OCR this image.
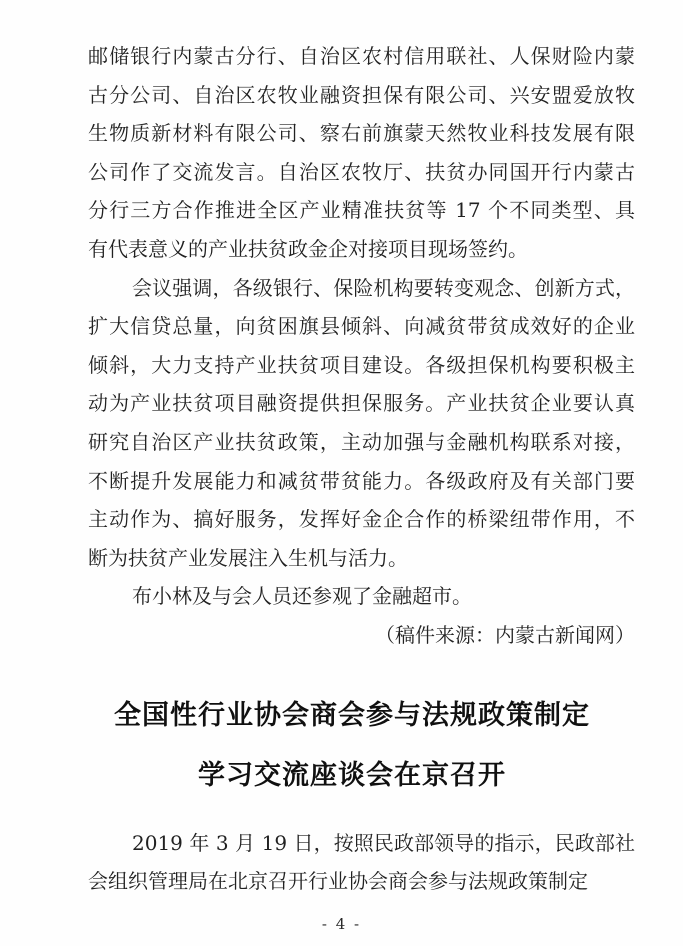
邮储银行内蒙古分行、自治区农村信用联社、人保财险内蒙
古分公司、自治区农牧业融资担保有限公司、兴安盟爱放牧
生物质新材料有限公司、察右前旗蒙天然牧业科技发展有限
公司作了交流发言。自治区农牧厅、扶贫办同国开行内蒙古
分行三方合作推进全区产业精准扶贫等 17 个不同类型、具
有代表意义的产业扶贫政金企对接项目现场签约。
会议强调，各级银行、保险机构要转变观念、创新方式，
扩大信贷总量，向贫困旗县倾斜、向减贫带贫成效好的企业
倾斜，大力支持产业扶贫项目建设。各级担保机构要积极主
动为产业扶贫项目融资提供担保服务。产业扶贫企业要认真
研究自治区产业扶贫政策，主动加强与金融机构联系对接，
不断提升发展能力和减贫带贫能力。各级政府及有关部门要
主动作为、搞好服务，发挥好金企合作的桥梁纽带作用，不
断为扶贫产业发展注入生机与活力。
布小林及与会人员还参观了金融超市。
（稿件来源：内蒙古新闻网）
全国性行业协会商会参与法规政策制定
学习交流座谈会在京召开
2019 年 3 月 19 日，按照民政部领导的指示，民政部社
会组织管理局在北京召开行业协会商会参与法规政策制定
- 4 -
